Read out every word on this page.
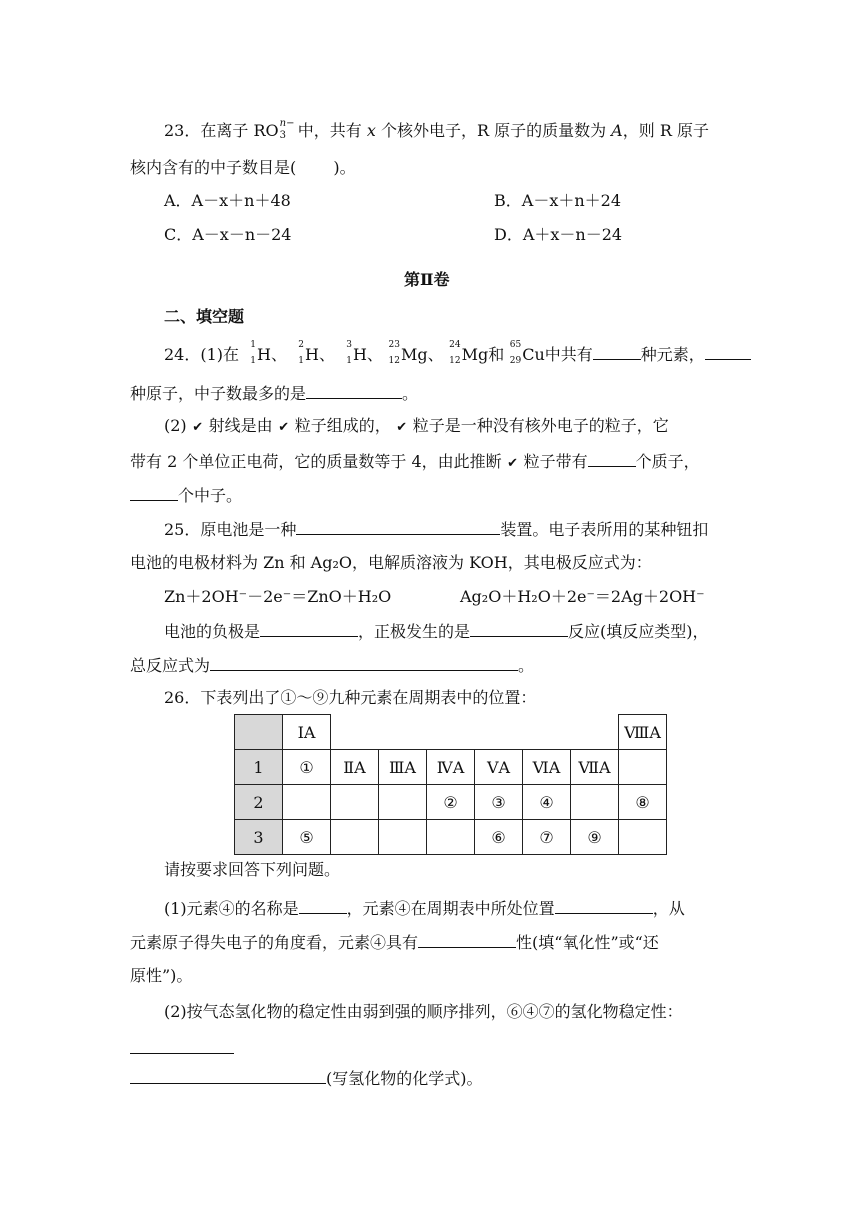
23．在离子 RO n−
3 中，共有 x 个核外电子，R 原子的质量数为 A，则 R 原子
核内含有的中子数目是(　　 )。
A．A－x＋n＋48	B．A－x＋n＋24
C．A－x－n－24	D．A＋x－n－24
第Ⅱ卷
二、填空题
24．(1)在 1
1 H、 2
1 H、 3
1 H、 23
12 Mg、 24
12 Mg和 65
29 Cu中共有	种元素，
种原子，中子数最多的是	。
(2) ✔ 射线是由 ✔ 粒子组成的， ✔ 粒子是一种没有核外电子的粒子，它
带有 2 个单位正电荷，它的质量数等于 4，由此推断 ✔ 粒子带有	个质子，
个中子。
25．原电池是一种	装置。电子表所用的某种钮扣
电池的电极材料为 Zn 和 Ag₂O，电解质溶液为 KOH，其电极反应式为：
Zn＋2OH⁻－2e⁻＝ZnO＋H₂O	Ag₂O＋H₂O＋2e⁻＝2Ag＋2OH⁻
电池的负极是	，正极发生的是	反应(填反应类型)，
总反应式为	。
26．下表列出了①～⑨九种元素在周期表中的位置：
	ⅠA							ⅧA
1	①	ⅡA	ⅢA	ⅣA	ⅤA	ⅥA	ⅦA	
2				②	③	④		⑧
3	⑤				⑥	⑦	⑨	
请按要求回答下列问题。
(1)元素④的名称是	，元素④在周期表中所处位置	，从
元素原子得失电子的角度看，元素④具有	性(填“氧化性”或“还
原性”)。
(2)按气态氢化物的稳定性由弱到强的顺序排列，⑥④⑦的氢化物稳定性：
(写氢化物的化学式)。
